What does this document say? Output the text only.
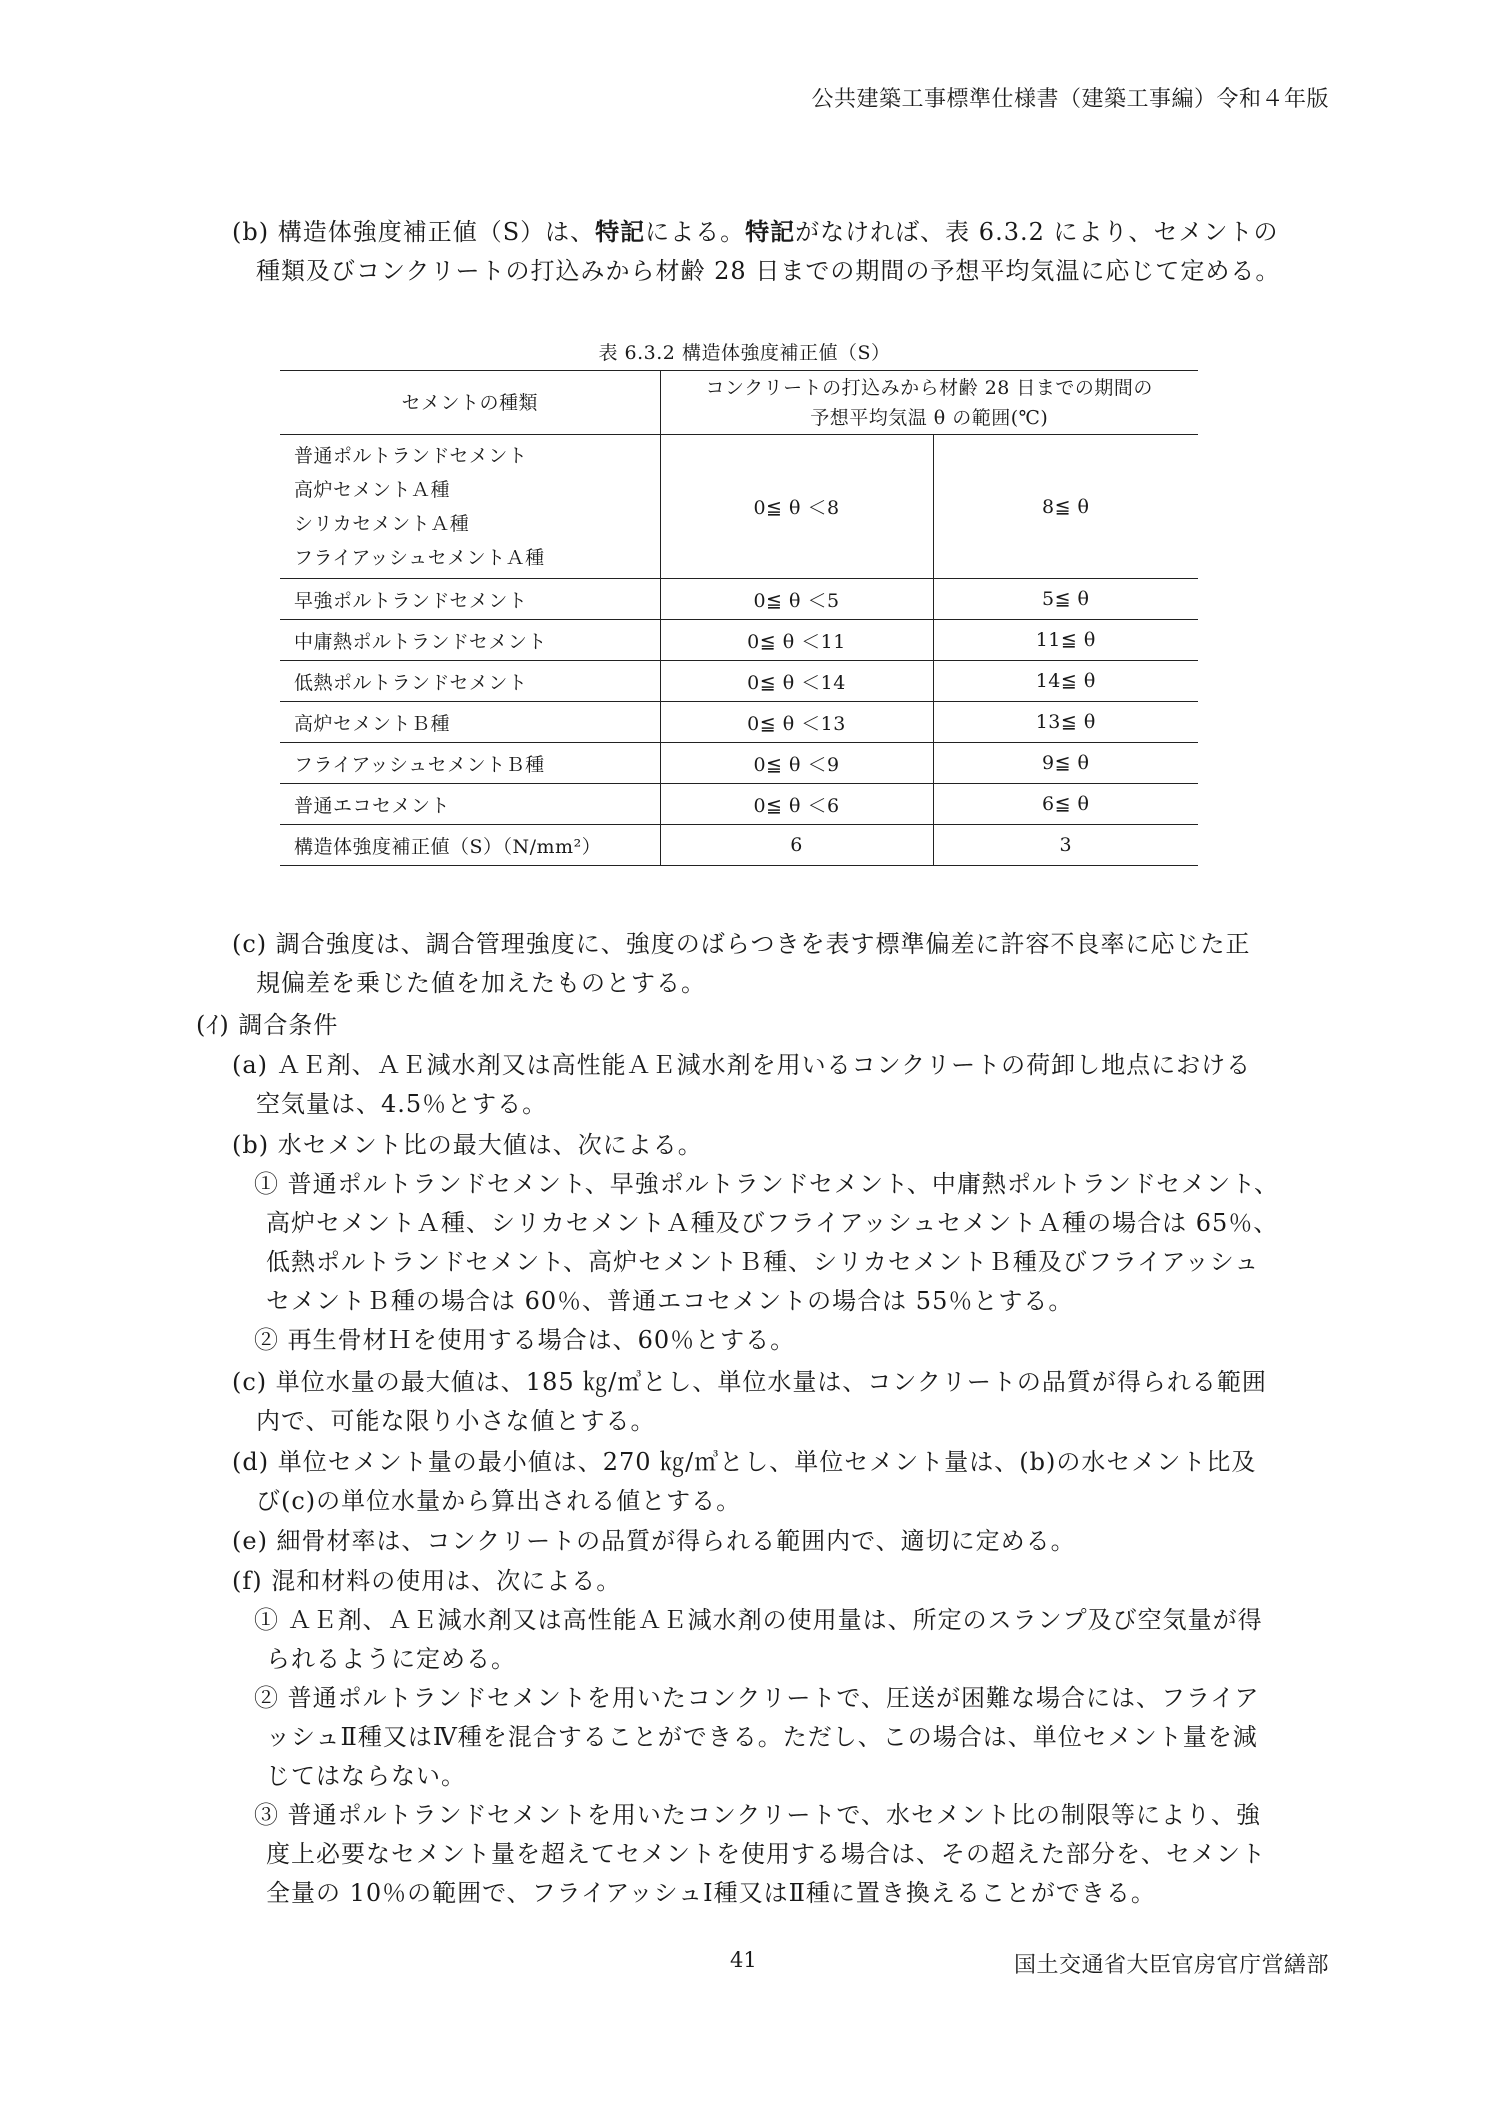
公共建築工事標準仕様書（建築工事編）令和４年版
(b) 構造体強度補正値（S）は、特記による。特記がなければ、表 6.3.2 により、セメントの
種類及びコンクリートの打込みから材齢 28 日までの期間の予想平均気温に応じて定める。
表 6.3.2 構造体強度補正値（S）
セメントの種類	コンクリートの打込みから材齢 28 日までの期間の
予想平均気温 θ の範囲(℃)	

普通ポルトランドセメント
高炉セメントＡ種
シリカセメントＡ種
フライアッシュセメントＡ種	0≦ θ ＜8	8≦ θ
早強ポルトランドセメント	0≦ θ ＜5	5≦ θ
中庸熱ポルトランドセメント	0≦ θ ＜11	11≦ θ
低熱ポルトランドセメント	0≦ θ ＜14	14≦ θ
高炉セメントＢ種	0≦ θ ＜13	13≦ θ
フライアッシュセメントＢ種	0≦ θ ＜9	9≦ θ
普通エコセメント	0≦ θ ＜6	6≦ θ
構造体強度補正値（S）（N/mm²）	6	3
(c) 調合強度は、調合管理強度に、強度のばらつきを表す標準偏差に許容不良率に応じた正
規偏差を乗じた値を加えたものとする。
(ｲ) 調合条件
(a) ＡＥ剤、ＡＥ減水剤又は高性能ＡＥ減水剤を用いるコンクリートの荷卸し地点における
空気量は、4.5％とする。
(b) 水セメント比の最大値は、次による。
① 普通ポルトランドセメント、早強ポルトランドセメント、中庸熱ポルトランドセメント、
高炉セメントＡ種、シリカセメントＡ種及びフライアッシュセメントＡ種の場合は 65％、
低熱ポルトランドセメント、高炉セメントＢ種、シリカセメントＢ種及びフライアッシュ
セメントＢ種の場合は 60％、普通エコセメントの場合は 55％とする。
② 再生骨材Ｈを使用する場合は、60％とする。
(c) 単位水量の最大値は、185 ㎏/㎥とし、単位水量は、コンクリートの品質が得られる範囲
内で、可能な限り小さな値とする。
(d) 単位セメント量の最小値は、270 ㎏/㎥とし、単位セメント量は、(b)の水セメント比及
び(c)の単位水量から算出される値とする。
(e) 細骨材率は、コンクリートの品質が得られる範囲内で、適切に定める。
(f) 混和材料の使用は、次による。
① ＡＥ剤、ＡＥ減水剤又は高性能ＡＥ減水剤の使用量は、所定のスランプ及び空気量が得
られるように定める。
② 普通ポルトランドセメントを用いたコンクリートで、圧送が困難な場合には、フライア
ッシュⅡ種又はⅣ種を混合することができる。ただし、この場合は、単位セメント量を減
じてはならない。
③ 普通ポルトランドセメントを用いたコンクリートで、水セメント比の制限等により、強
度上必要なセメント量を超えてセメントを使用する場合は、その超えた部分を、セメント
全量の 10％の範囲で、フライアッシュⅠ種又はⅡ種に置き換えることができる。
41	国土交通省大臣官房官庁営繕部
